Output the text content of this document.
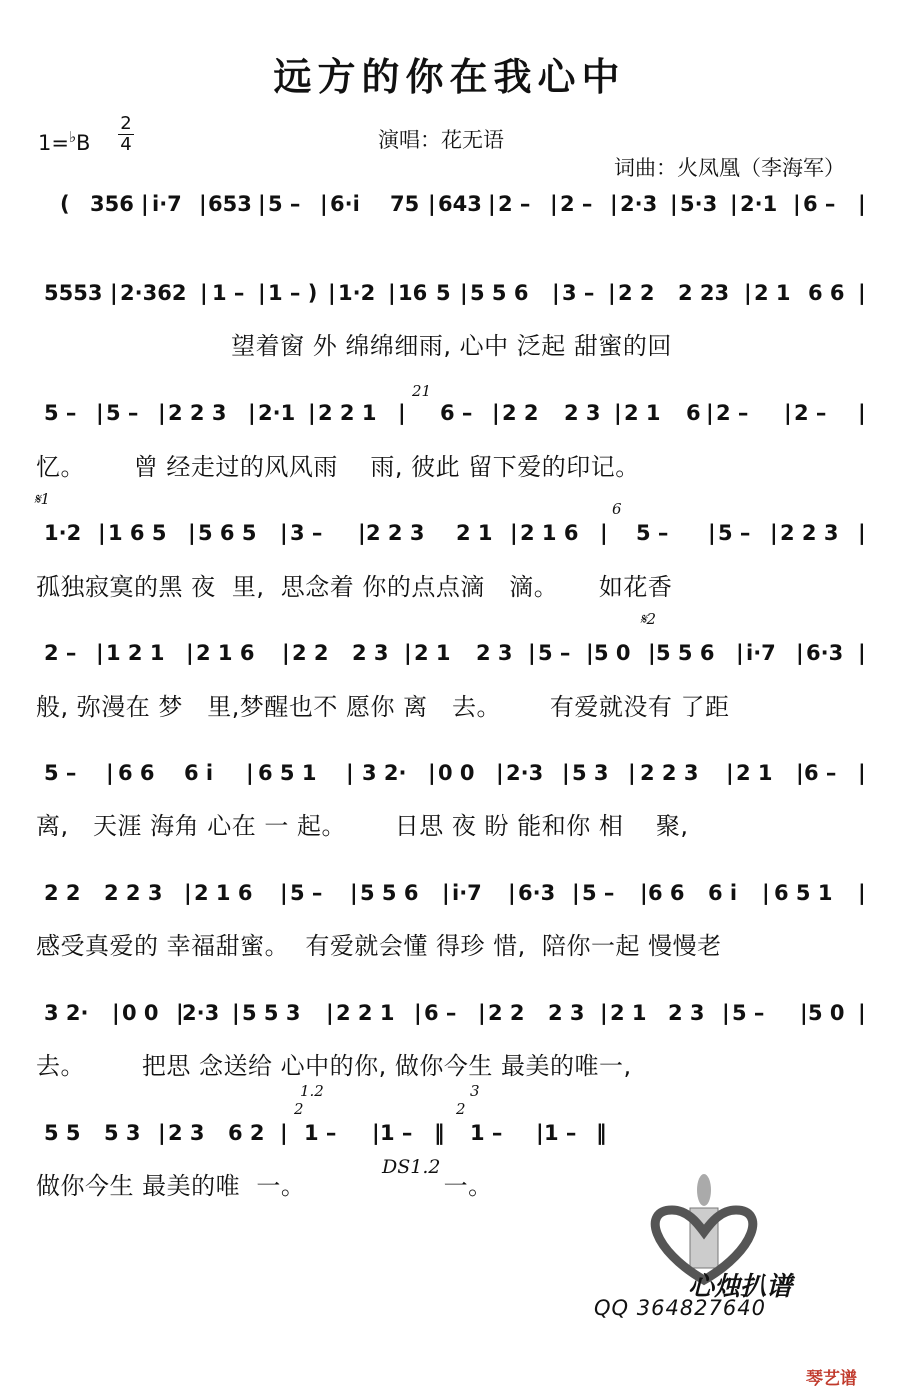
远方的你在我心中
1=♭B
2
4	演唱：花无语
词曲：火凤凰（李海军）
( 356 | i·7 | 653 | 5 – | 6·i 75 | 643 | 2 – | 2 – | 2·3 | 5·3 | 2·1 | 6 – |
5553 | 2·362 | 1 – | 1 – ) | 1·2 | 16 5 | 5 5 6 | 3 – | 2 2 2 23 | 2 1 6 6 |
5 – | 5 – | 2 2 3 | 2·1 | 2 2 1 | 6 – | 2 2 2 3 | 2 1 6 | 2 – | 2 – |
1·2 | 1 6 5 | 5 6 5 | 3 – | 2 2 3 2 1 | 2 1 6 | 5 – | 5 – | 2 2 3 |
2 – | 1 2 1 | 2 1 6 | 2 2 2 3 | 2 1 2 3 | 5 – | 5 0 | 5 5 6 | i·7 | 6·3 |
5 – | 6 6 6 i | 6 5 1 | 3 2· | 0 0 | 2·3 | 5 3 | 2 2 3 | 2 1 | 6 – |
2 2 2 2 3 | 2 1 6 | 5 – | 5 5 6 | i·7 | 6·3 | 5 – | 6 6 6 i | 6 5 1 |
3 2· | 0 0 |
2·3 | 5 5 3 | 2 2 1 | 6 – | 2 2 2 3 | 2 1 2 3 | 5 – | 5 0 |
5 5 5 3 | 2 3 6 2 | 1 – | 1 – ‖ 1 – | 1 – ‖
𝄋1
𝄋2
21
6
1.2
2
3
2
望着窗 外 绵绵细雨, 心中 泛起 甜蜜的回
忆。      曾 经走过的风风雨    雨, 彼此 留下爱的印记。
孤独寂寞的黑 夜  里,  思念着 你的点点滴   滴。     如花香
般, 弥漫在 梦   里,梦醒也不 愿你 离   去。      有爱就没有 了距
离,   天涯 海角 心在 一 起。      日思 夜 盼 能和你 相    聚,
感受真爱的 幸福甜蜜。  有爱就会懂 得珍 惜,  陪你一起 慢慢老
去。       把思 念送给 心中的你, 做你今生 最美的唯一,
做你今生 最美的唯  一。                 一。
DS1.2
心烛扒谱
QQ 364827640
琴艺谱
